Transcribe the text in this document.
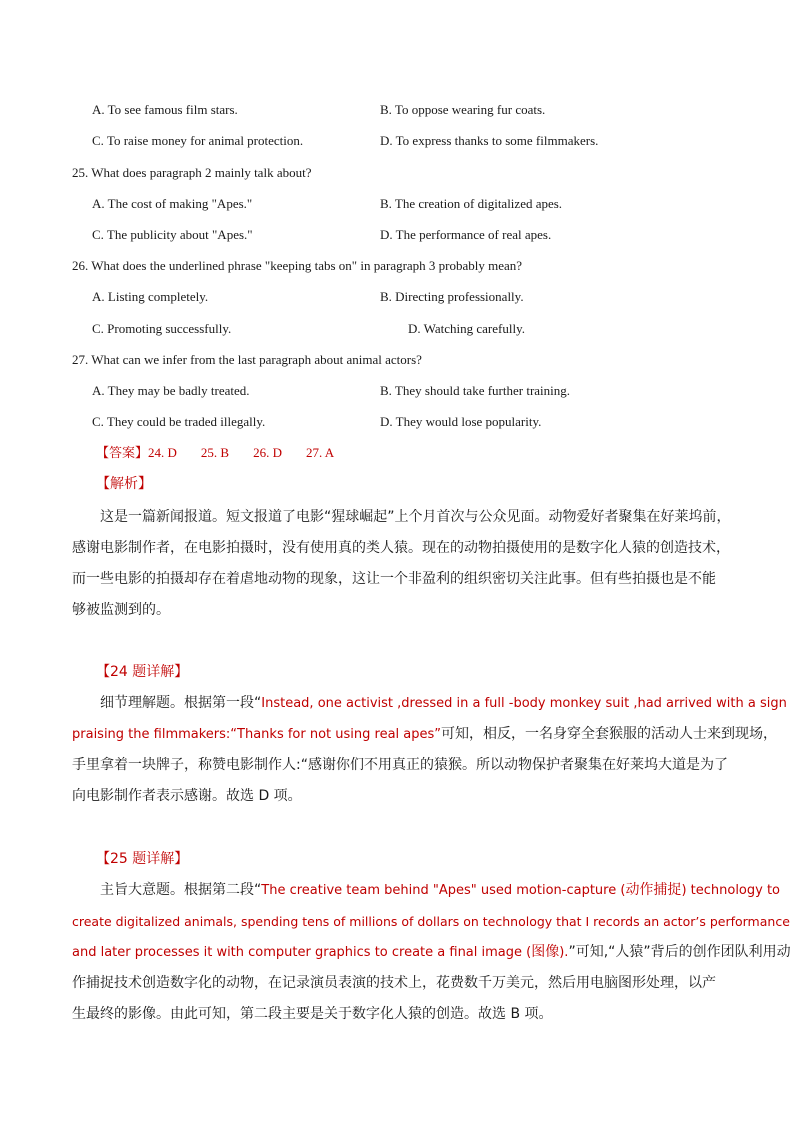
A. To see famous film stars.	B. To oppose wearing fur coats.
C. To raise money for animal protection.	D. To express thanks to some filmmakers.
25. What does paragraph 2 mainly talk about?
A. The cost of making "Apes."	B. The creation of digitalized apes.
C. The publicity about "Apes."	D. The performance of real apes.
26. What does the underlined phrase "keeping tabs on" in paragraph 3 probably mean?
A. Listing completely.	B. Directing professionally.
C. Promoting successfully.	D. Watching carefully.
27. What can we infer from the last paragraph about animal actors?
A. They may be badly treated.	B. They should take further training.
C. They could be traded illegally.	D. They would lose popularity.
【答案】24. D 25. B 26. D 27. A
【解析】
这是一篇新闻报道。短文报道了电影“猩球崛起”上个月首次与公众见面。动物爱好者聚集在好莱坞前，
感谢电影制作者，在电影拍摄时，没有使用真的类人猿。现在的动物拍摄使用的是数字化人猿的创造技术，
而一些电影的拍摄却存在着虐地动物的现象，这让一个非盈利的组织密切关注此事。但有些拍摄也是不能
够被监测到的。
【24 题详解】
细节理解题。根据第一段“Instead, one activist ,dressed in a full -body monkey suit ,had arrived with a sign
praising the filmmakers:“Thanks for not using real apes”可知，相反，一名身穿全套猴服的活动人士来到现场，
手里拿着一块牌子，称赞电影制作人:“感谢你们不用真正的猿猴。所以动物保护者聚集在好莱坞大道是为了
向电影制作者表示感谢。故选 D 项。
【25 题详解】
主旨大意题。根据第二段“The creative team behind "Apes" used motion-capture (动作捕捉) technology to
create digitalized animals, spending tens of millions of dollars on technology that I records an actor’s performance
and later processes it with computer graphics to create a final image (图像).”可知,“人猿”背后的创作团队利用动
作捕捉技术创造数字化的动物，在记录演员表演的技术上，花费数千万美元，然后用电脑图形处理，以产
生最终的影像。由此可知，第二段主要是关于数字化人猿的创造。故选 B 项。
